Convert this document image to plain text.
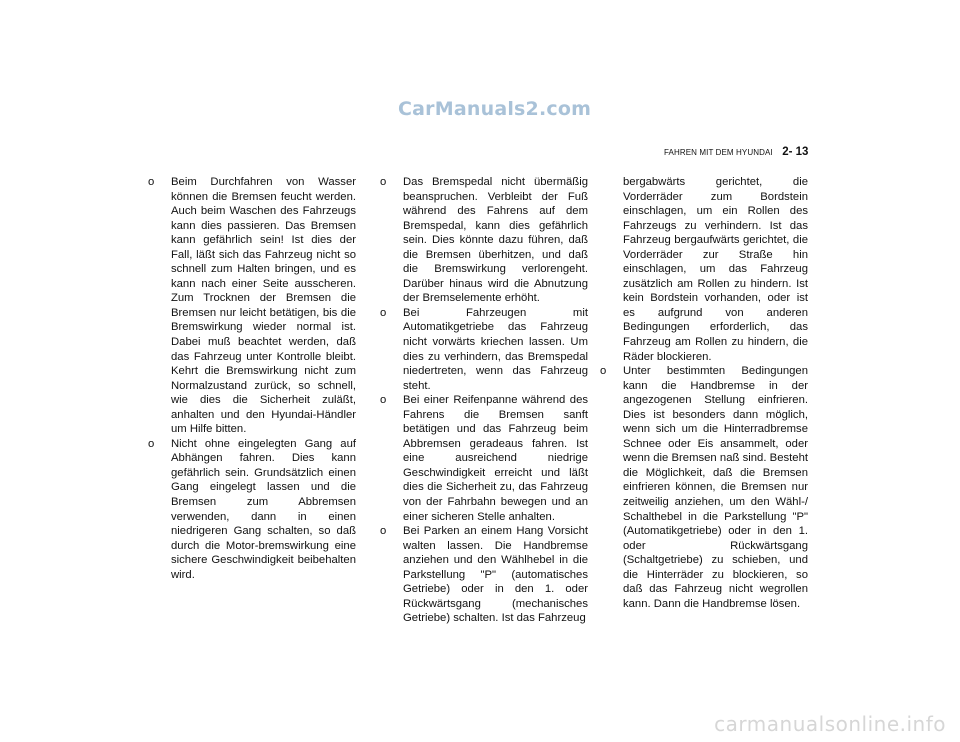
CarManuals2.com
FAHREN MIT DEM HYUNDAI 2- 13
o Beim Durchfahren von Wasser können die Bremsen feucht werden. Auch beim Waschen des Fahrzeugs kann dies passieren. Das Bremsen kann gefährlich sein! Ist dies der Fall, läßt sich das Fahrzeug nicht so schnell zum Halten bringen, und es kann nach einer Seite ausscheren. Zum Trocknen der Bremsen die Bremsen nur leicht betätigen, bis die Bremswirkung wieder normal ist. Dabei muß beachtet werden, daß das Fahrzeug unter Kontrolle bleibt. Kehrt die Bremswirkung nicht zum Normalzustand zurück, so schnell, wie dies die Sicherheit zuläßt, anhalten und den Hyundai-Händler um Hilfe bitten.
o Nicht ohne eingelegten Gang auf Abhängen fahren. Dies kann gefährlich sein. Grundsätzlich einen Gang eingelegt lassen und die Bremsen zum Abbremsen verwenden, dann in einen niedrigeren Gang schalten, so daß durch die Motor-bremswirkung eine sichere Geschwindigkeit beibehalten wird.
o Das Bremspedal nicht übermäßig beanspruchen. Verbleibt der Fuß während des Fahrens auf dem Bremspedal, kann dies gefährlich sein. Dies könnte dazu führen, daß die Bremsen überhitzen, und daß die Bremswirkung verlorengeht. Darüber hinaus wird die Abnutzung der Bremselemente erhöht.
o Bei Fahrzeugen mit Automatikgetriebe das Fahrzeug nicht vorwärts kriechen lassen. Um dies zu verhindern, das Bremspedal niedertreten, wenn das Fahrzeug steht.
o Bei einer Reifenpanne während des Fahrens die Bremsen sanft betätigen und das Fahrzeug beim Abbremsen geradeaus fahren. Ist eine ausreichend niedrige Geschwindigkeit erreicht und läßt dies die Sicherheit zu, das Fahrzeug von der Fahrbahn bewegen und an einer sicheren Stelle anhalten.
o Bei Parken an einem Hang Vorsicht walten lassen. Die Handbremse anziehen und den Wählhebel in die Parkstellung "P" (automatisches Getriebe) oder in den 1. oder Rückwärtsgang (mechanisches Getriebe) schalten. Ist das Fahrzeug
bergabwärts gerichtet, die Vorderräder zum Bordstein einschlagen, um ein Rollen des Fahrzeugs zu verhindern. Ist das Fahrzeug bergaufwärts gerichtet, die Vorderräder zur Straße hin einschlagen, um das Fahrzeug zusätzlich am Rollen zu hindern. Ist kein Bordstein vorhanden, oder ist es aufgrund von anderen Bedingungen erforderlich, das Fahrzeug am Rollen zu hindern, die Räder blockieren.
o Unter bestimmten Bedingungen kann die Handbremse in der angezogenen Stellung einfrieren. Dies ist besonders dann möglich, wenn sich um die Hinterradbremse Schnee oder Eis ansammelt, oder wenn die Bremsen naß sind. Besteht die Möglichkeit, daß die Bremsen einfrieren können, die Bremsen nur zeitweilig anziehen, um den Wähl-/ Schalthebel in die Parkstellung "P" (Automatikgetriebe) oder in den 1. oder Rückwärtsgang (Schaltgetriebe) zu schieben, und die Hinterräder zu blockieren, so daß das Fahrzeug nicht wegrollen kann. Dann die Handbremse lösen.
carmanualsonline.info
